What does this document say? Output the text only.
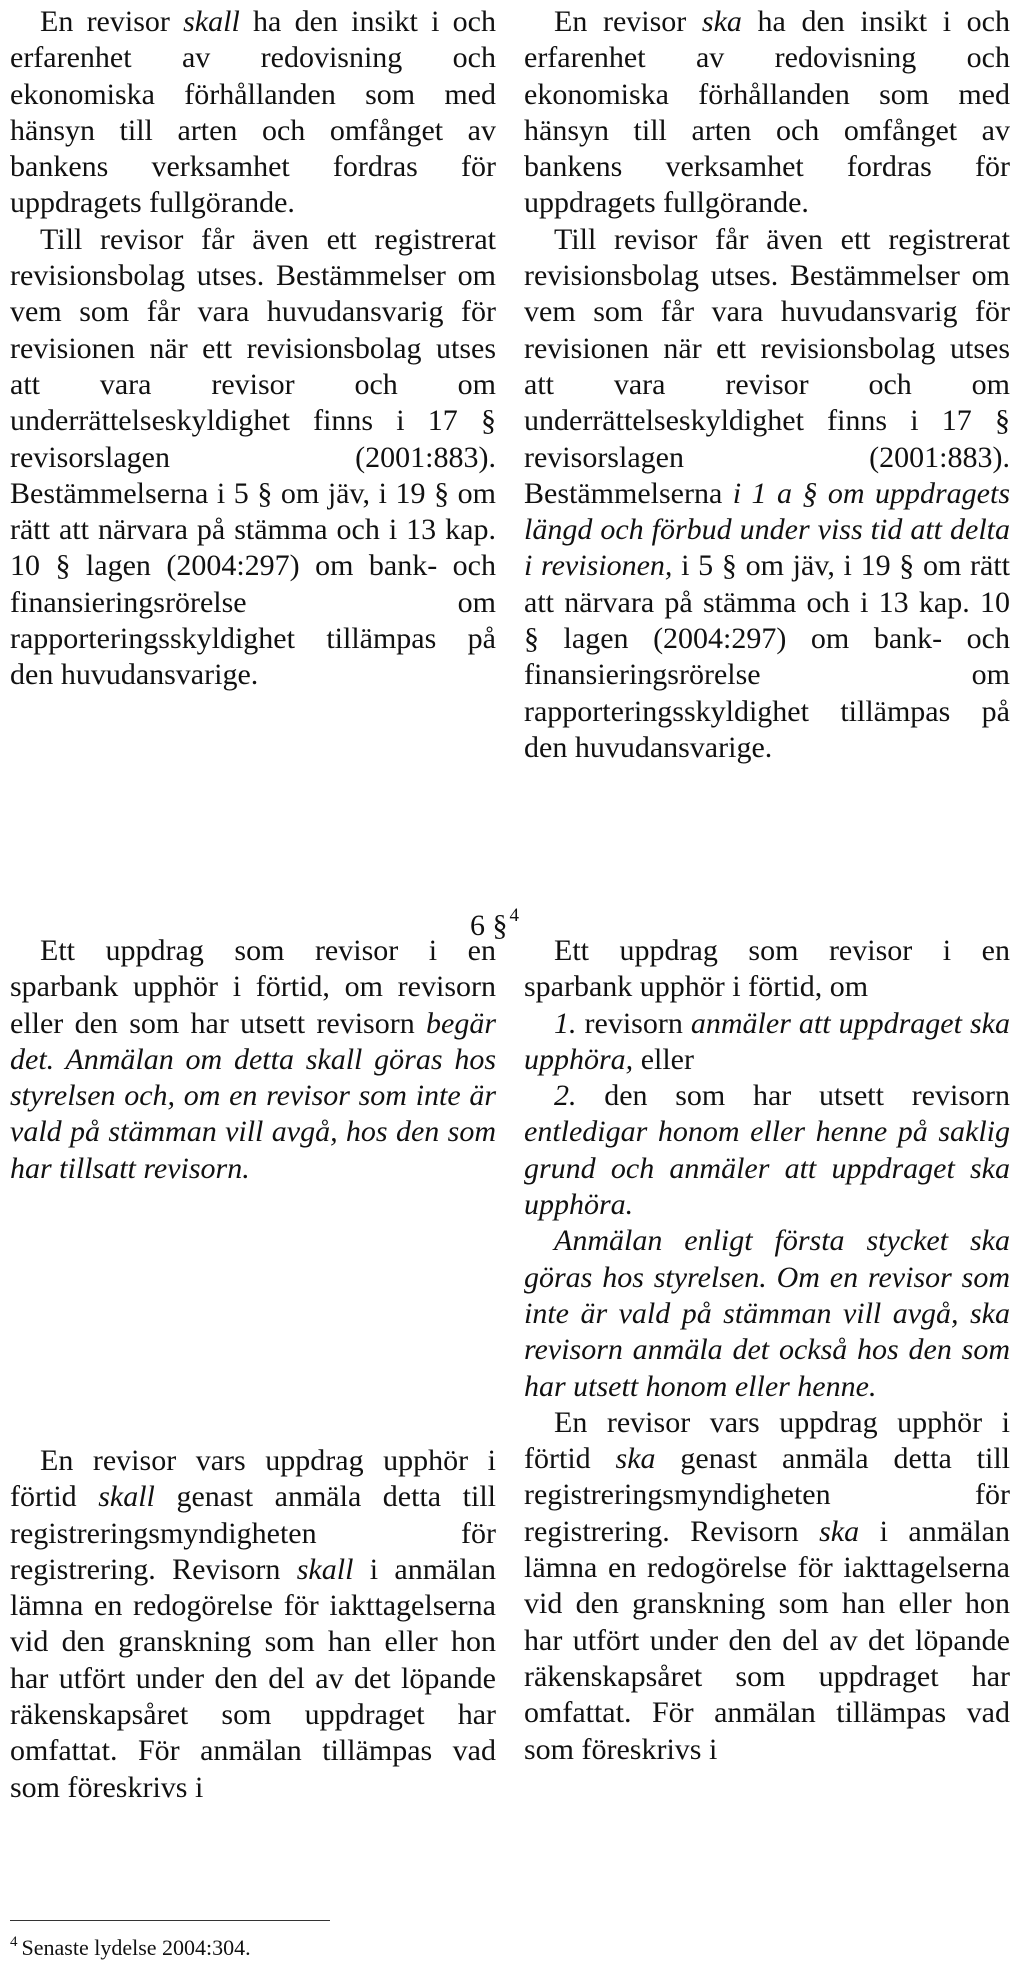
En revisor skall ha den insikt i och erfarenhet av redovisning och ekonomiska förhållanden som med hänsyn till arten och omfånget av bankens verksamhet fordras för uppdragets fullgörande.

Till revisor får även ett registrerat revisionsbolag utses. Bestämmelser om vem som får vara huvudansvarig för revisionen när ett revisionsbolag utses att vara revisor och om underrättelseskyldighet finns i 17 § revisorslagen (2001:883). Bestämmelserna i 5 § om jäv, i 19 § om rätt att närvara på stämma och i 13 kap. 10 § lagen (2004:297) om bank- och finansieringsrörelse om rapporteringsskyldighet tillämpas på den huvudansvarige.

En revisor ska ha den insikt i och erfarenhet av redovisning och ekonomiska förhållanden som med hänsyn till arten och omfånget av bankens verksamhet fordras för uppdragets fullgörande.

Till revisor får även ett registrerat revisionsbolag utses. Bestämmelser om vem som får vara huvudansvarig för revisionen när ett revisionsbolag utses att vara revisor och om underrättelseskyldighet finns i 17 § revisorslagen (2001:883). Bestämmelserna i 1 a § om uppdragets längd och förbud under viss tid att delta i revisionen, i 5 § om jäv, i 19 § om rätt att närvara på stämma och i 13 kap. 10 § lagen (2004:297) om bank- och finansieringsrörelse om rapporteringsskyldighet tillämpas på den huvudansvarige.

6 § $^4$

Ett uppdrag som revisor i en sparbank upphör i förtid, om revisorn eller den som har utsett revisorn begär det. Anmälan om detta skall göras hos styrelsen och, om en revisor som inte är vald på stämman vill avgå, hos den som har tillsatt revisorn.

En revisor vars uppdrag upphör i förtid skall genast anmäla detta till registreringsmyndigheten för registrering. Revisorn skall i anmälan lämna en redogörelse för iakttagelserna vid den granskning som han eller hon har utfört under den del av det löpande räkenskapsåret som uppdraget har omfattat. För anmälan tillämpas vad som föreskrivs i

Ett uppdrag som revisor i en sparbank upphör i förtid, om

1. revisorn anmäler att uppdraget ska upphöra, eller

2. den som har utsett revisorn entledigar honom eller henne på saklig grund och anmäler att uppdraget ska upphöra.

Anmälan enligt första stycket ska göras hos styrelsen. Om en revisor som inte är vald på stämman vill avgå, ska revisorn anmäla det också hos den som har utsett honom eller henne.

En revisor vars uppdrag upphör i förtid ska genast anmäla detta till registreringsmyndigheten för registrering. Revisorn ska i anmälan lämna en redogörelse för iakttagelserna vid den granskning som han eller hon har utfört under den del av det löpande räkenskapsåret som uppdraget har omfattat. För anmälan tillämpas vad som föreskrivs i

$^4$ Senaste lydelse 2004:304.
